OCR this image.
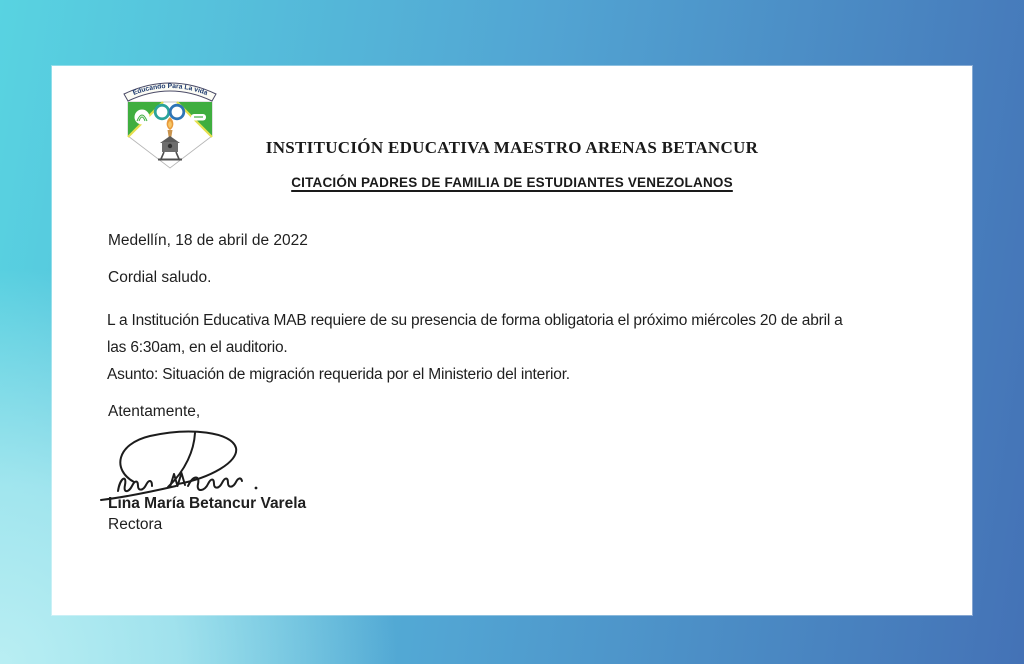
Educando Para La vida
INSTITUCIÓN EDUCATIVA MAESTRO ARENAS BETANCUR
CITACIÓN PADRES DE FAMILIA DE ESTUDIANTES VENEZOLANOS
Medellín, 18 de abril de 2022
Cordial saludo.
L a Institución Educativa MAB requiere de su presencia de forma obligatoria el próximo miércoles 20 de abril a
las 6:30am, en el auditorio.
Asunto: Situación de migración requerida por el Ministerio del interior.
Atentamente,
Lina María Betancur Varela
Rectora
